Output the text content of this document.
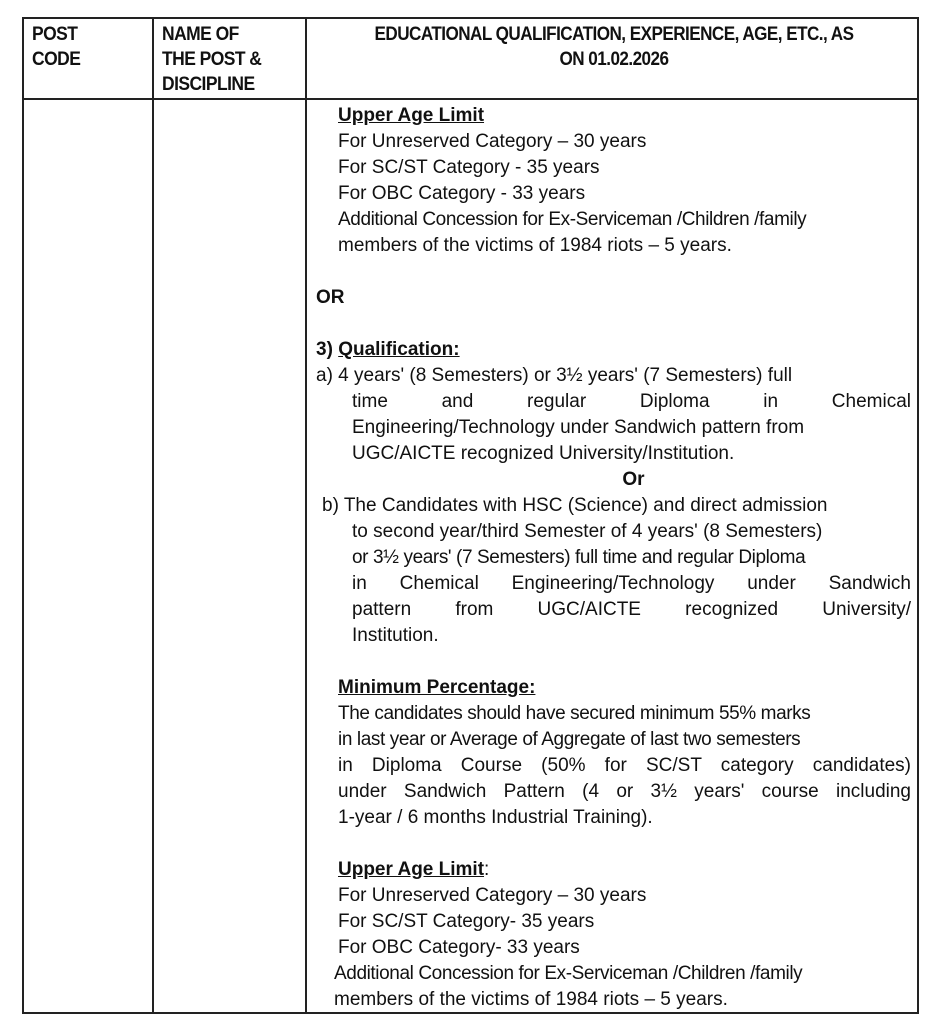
POST
CODE
NAME OF
THE POST &
DISCIPLINE
EDUCATIONAL QUALIFICATION, EXPERIENCE, AGE, ETC., AS
ON 01.02.2026
Upper Age Limit
For Unreserved Category – 30 years
For SC/ST Category - 35 years
For OBC Category - 33 years
Additional Concession for Ex-Serviceman /Children /family
members of the victims of 1984 riots – 5 years.
OR
3) Qualification:
a) 4 years' (8 Semesters) or 3½ years' (7 Semesters) full
time and regular Diploma in Chemical
Engineering/Technology under Sandwich pattern from
UGC/AICTE recognized University/Institution.
Or
b) The Candidates with HSC (Science) and direct admission
to second year/third Semester of 4 years' (8 Semesters)
or 3½ years' (7 Semesters) full time and regular Diploma
in Chemical Engineering/Technology under Sandwich
pattern from UGC/AICTE recognized University/
Institution.
Minimum Percentage:
The candidates should have secured minimum 55% marks
in last year or Average of Aggregate of last two semesters
in Diploma Course (50% for SC/ST category candidates)
under Sandwich Pattern (4 or 3½ years' course including
1-year / 6 months Industrial Training).
Upper Age Limit:
For Unreserved Category – 30 years
For SC/ST Category- 35 years
For OBC Category- 33 years
Additional Concession for Ex-Serviceman /Children /family
members of the victims of 1984 riots – 5 years.
